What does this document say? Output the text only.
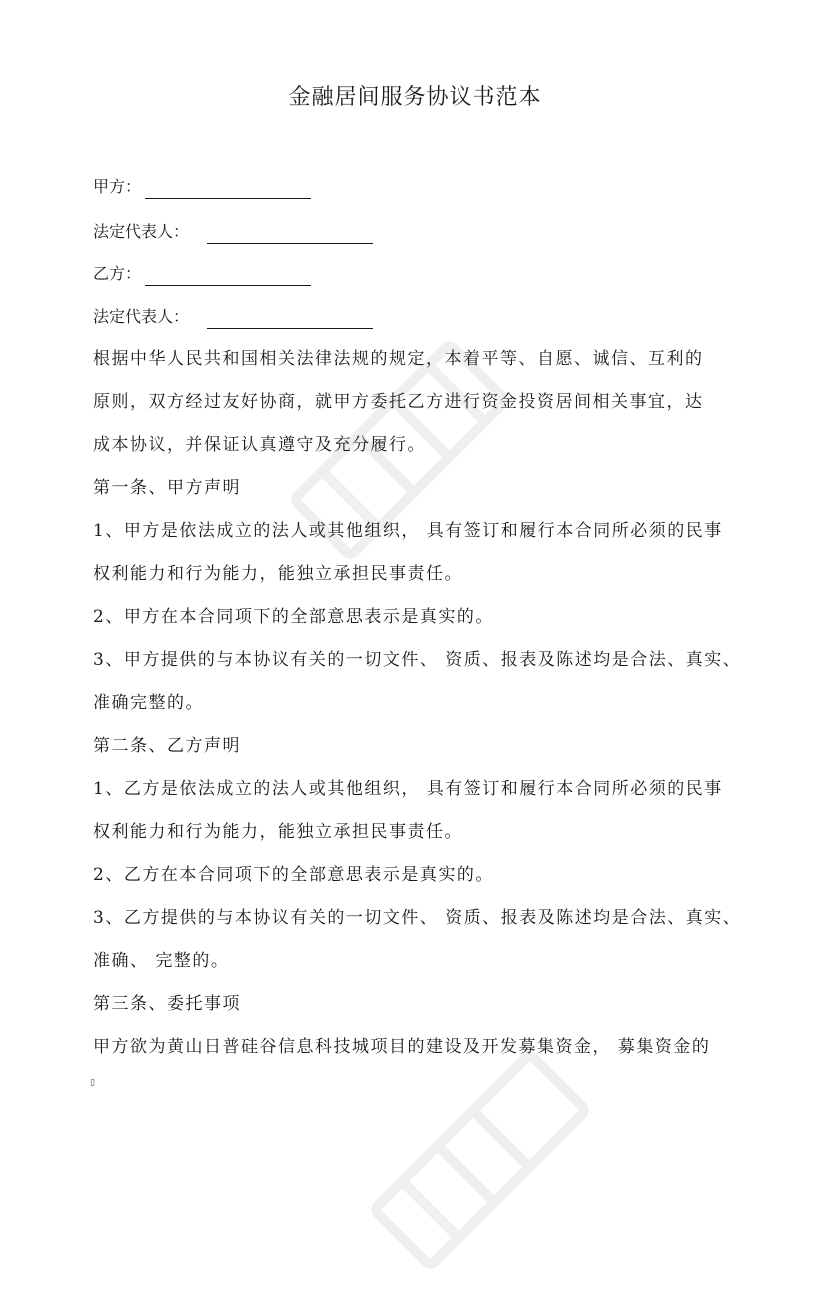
金融居间服务协议书范本
甲方：
法定代表人：
乙方：
法定代表人：
根据中华人民共和国相关法律法规的规定，本着平等、自愿、诚信、互利的
原则，双方经过友好协商，就甲方委托乙方进行资金投资居间相关事宜，达
成本协议，并保证认真遵守及充分履行。
第一条、甲方声明
1、甲方是依法成立的法人或其他组织， 具有签订和履行本合同所必须的民事
权利能力和行为能力，能独立承担民事责任。
2、甲方在本合同项下的全部意思表示是真实的。
3、甲方提供的与本协议有关的一切文件、 资质、报表及陈述均是合法、真实、
准确完整的。
第二条、乙方声明
1、乙方是依法成立的法人或其他组织， 具有签订和履行本合同所必须的民事
权利能力和行为能力，能独立承担民事责任。
2、乙方在本合同项下的全部意思表示是真实的。
3、乙方提供的与本协议有关的一切文件、 资质、报表及陈述均是合法、真实、
准确、 完整的。
第三条、委托事项
甲方欲为黄山日普硅谷信息科技城项目的建设及开发募集资金， 募集资金的
▯
